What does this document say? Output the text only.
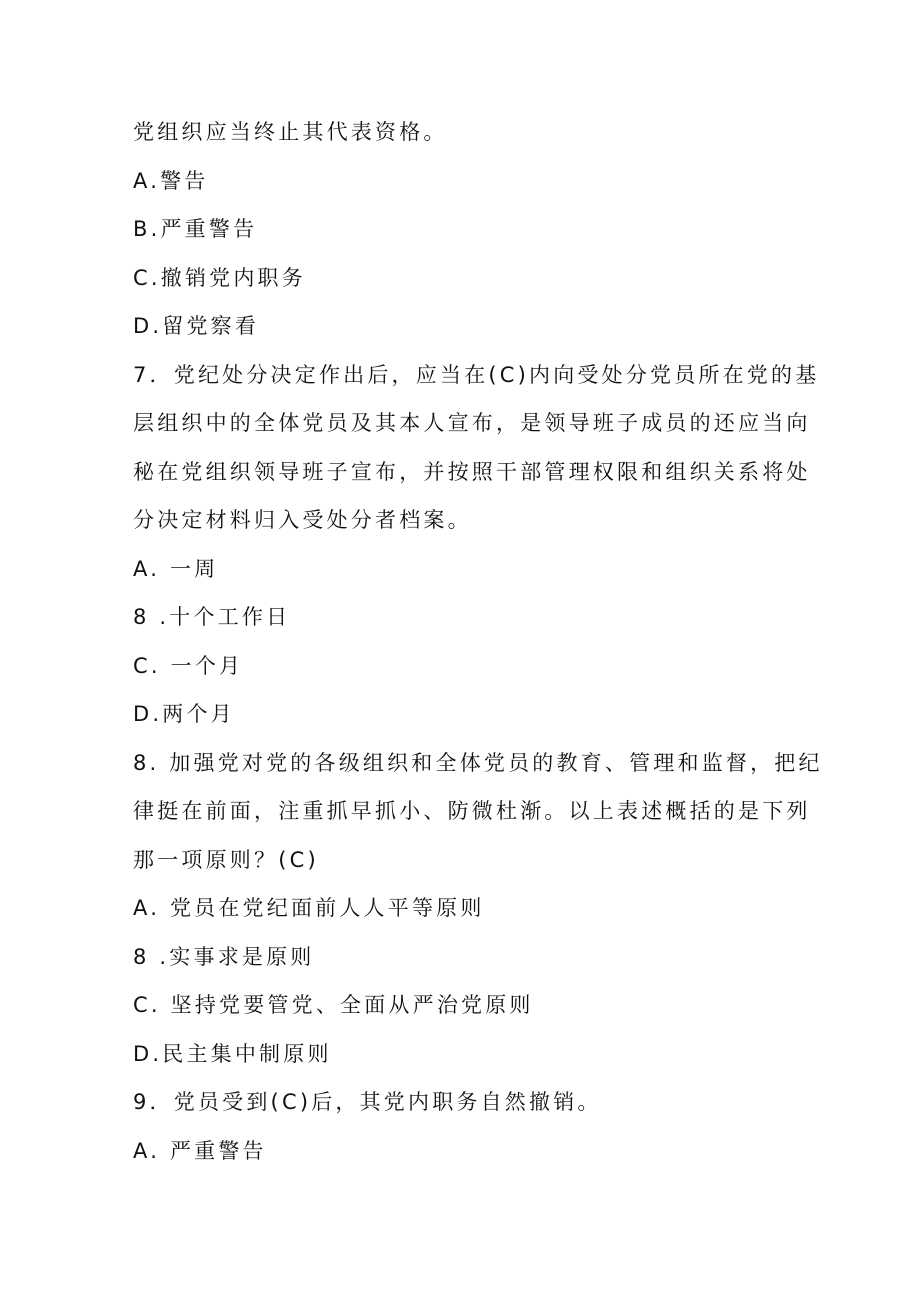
党组织应当终止其代表资格。
A.警告
B.严重警告
C.撤销党内职务
D.留党察看
7．党纪处分决定作出后，应当在(C)内向受处分党员所在党的基
层组织中的全体党员及其本人宣布，是领导班子成员的还应当向
秘在党组织领导班子宣布，并按照干部管理权限和组织关系将处
分决定材料归入受处分者档案。
A. 一周
8 .十个工作日
C. 一个月
D.两个月
8. 加强党对党的各级组织和全体党员的教育、管理和监督，把纪
律挺在前面，注重抓早抓小、防微杜渐。以上表述概括的是下列
那一项原则？(C)
A. 党员在党纪面前人人平等原则
8 .实事求是原则
C. 坚持党要管党、全面从严治党原则
D.民主集中制原则
9．党员受到(C)后，其党内职务自然撤销。
A. 严重警告
